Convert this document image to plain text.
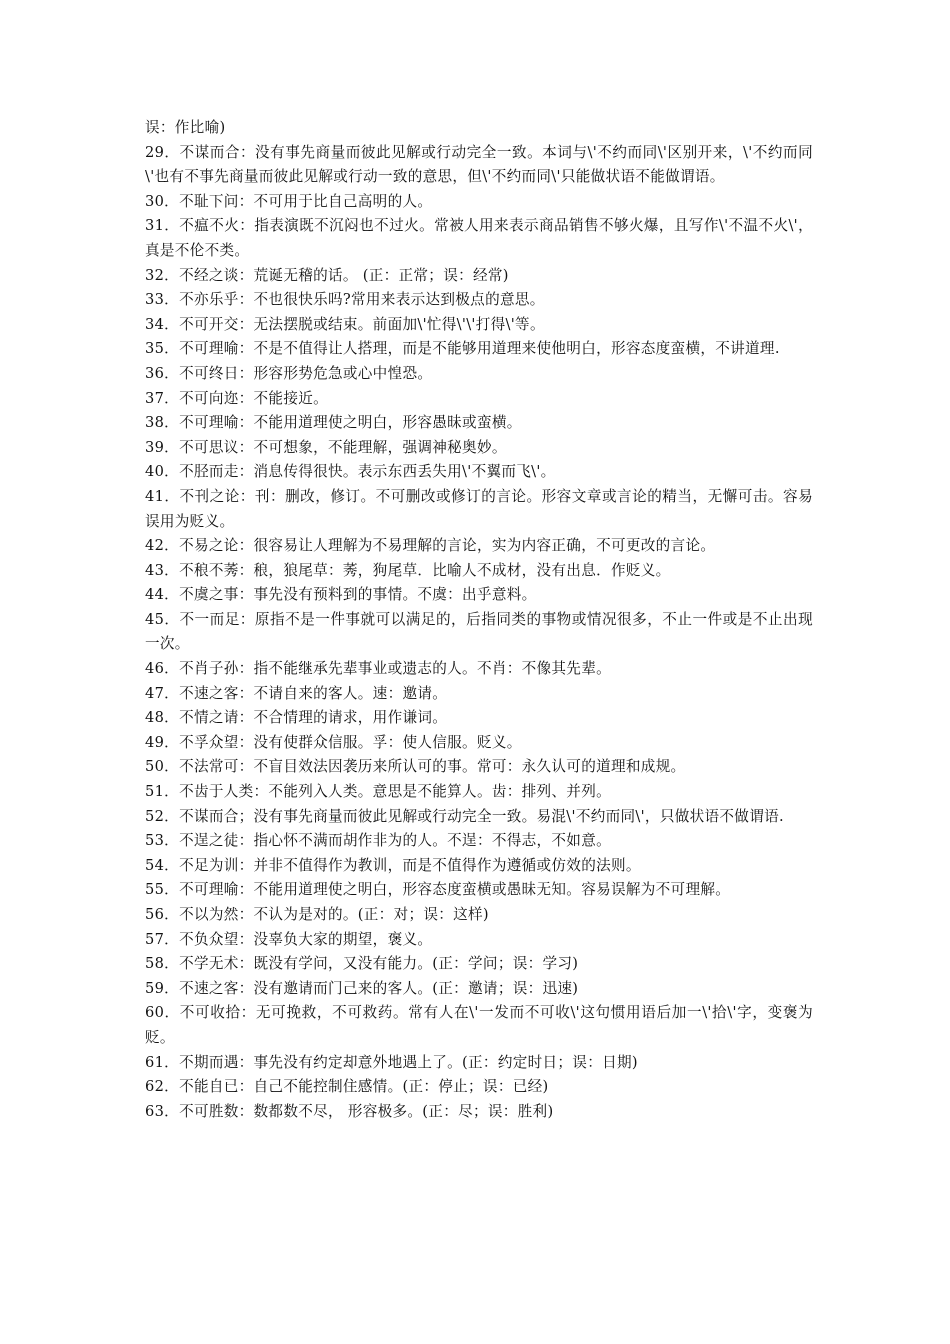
误：作比喻)

29．不谋而合：没有事先商量而彼此见解或行动完全一致。本词与\'不约而同\'区别开来，\'不约而同\'也有不事先商量而彼此见解或行动一致的意思，但\'不约而同\'只能做状语不能做谓语。

30．不耻下问：不可用于比自己高明的人。

31．不瘟不火：指表演既不沉闷也不过火。常被人用来表示商品销售不够火爆，且写作\'不温不火\'，真是不伦不类。

32．不经之谈：荒诞无稽的话。 (正：正常；误：经常)

33．不亦乐乎：不也很快乐吗?常用来表示达到极点的意思。

34．不可开交：无法摆脱或结束。前面加\'忙得\'\'打得\'等。

35．不可理喻：不是不值得让人搭理，而是不能够用道理来使他明白，形容态度蛮横，不讲道理.

36．不可终日：形容形势危急或心中惶恐。

37．不可向迩：不能接近。

38．不可理喻：不能用道理使之明白，形容愚昧或蛮横。

39．不可思议：不可想象，不能理解，强调神秘奥妙。

40．不胫而走：消息传得很快。表示东西丢失用\'不翼而飞\'。

41．不刊之论：刊：删改，修订。不可删改或修订的言论。形容文章或言论的精当，无懈可击。容易误用为贬义。

42．不易之论：很容易让人理解为不易理解的言论，实为内容正确，不可更改的言论。

43．不稂不莠：稂，狼尾草：莠，狗尾草．比喻人不成材，没有出息．作贬义。

44．不虞之事：事先没有预料到的事情。不虞：出乎意料。

45．不一而足：原指不是一件事就可以满足的，后指同类的事物或情况很多，不止一件或是不止出现一次。

46．不肖子孙：指不能继承先辈事业或遗志的人。不肖：不像其先辈。

47．不速之客：不请自来的客人。速：邀请。

48．不情之请：不合情理的请求，用作谦词。

49．不孚众望：没有使群众信服。孚：使人信服。贬义。

50．不法常可：不盲目效法因袭历来所认可的事。常可：永久认可的道理和成规。

51．不齿于人类：不能列入人类。意思是不能算人。齿：排列、并列。

52．不谋而合；没有事先商量而彼此见解或行动完全一致。易混\'不约而同\'，只做状语不做谓语.

53．不逞之徒：指心怀不满而胡作非为的人。不逞：不得志，不如意。

54．不足为训：并非不值得作为教训，而是不值得作为遵循或仿效的法则。

55．不可理喻：不能用道理使之明白，形容态度蛮横或愚昧无知。容易误解为不可理解。

56．不以为然：不认为是对的。(正：对；误：这样)

57．不负众望：没辜负大家的期望，褒义。

58．不学无术：既没有学问，又没有能力。(正：学问；误：学习)

59．不速之客：没有邀请而门己来的客人。(正：邀请；误：迅速)

60．不可收拾：无可挽救，不可救药。常有人在\'一发而不可收\'这句惯用语后加一\'拾\'字，变褒为贬。

61．不期而遇：事先没有约定却意外地遇上了。(正：约定时日；误：日期)

62．不能自已：自己不能控制住感情。(正：停止；误：已经)

63．不可胜数：数都数不尽， 形容极多。(正：尽；误：胜利)
